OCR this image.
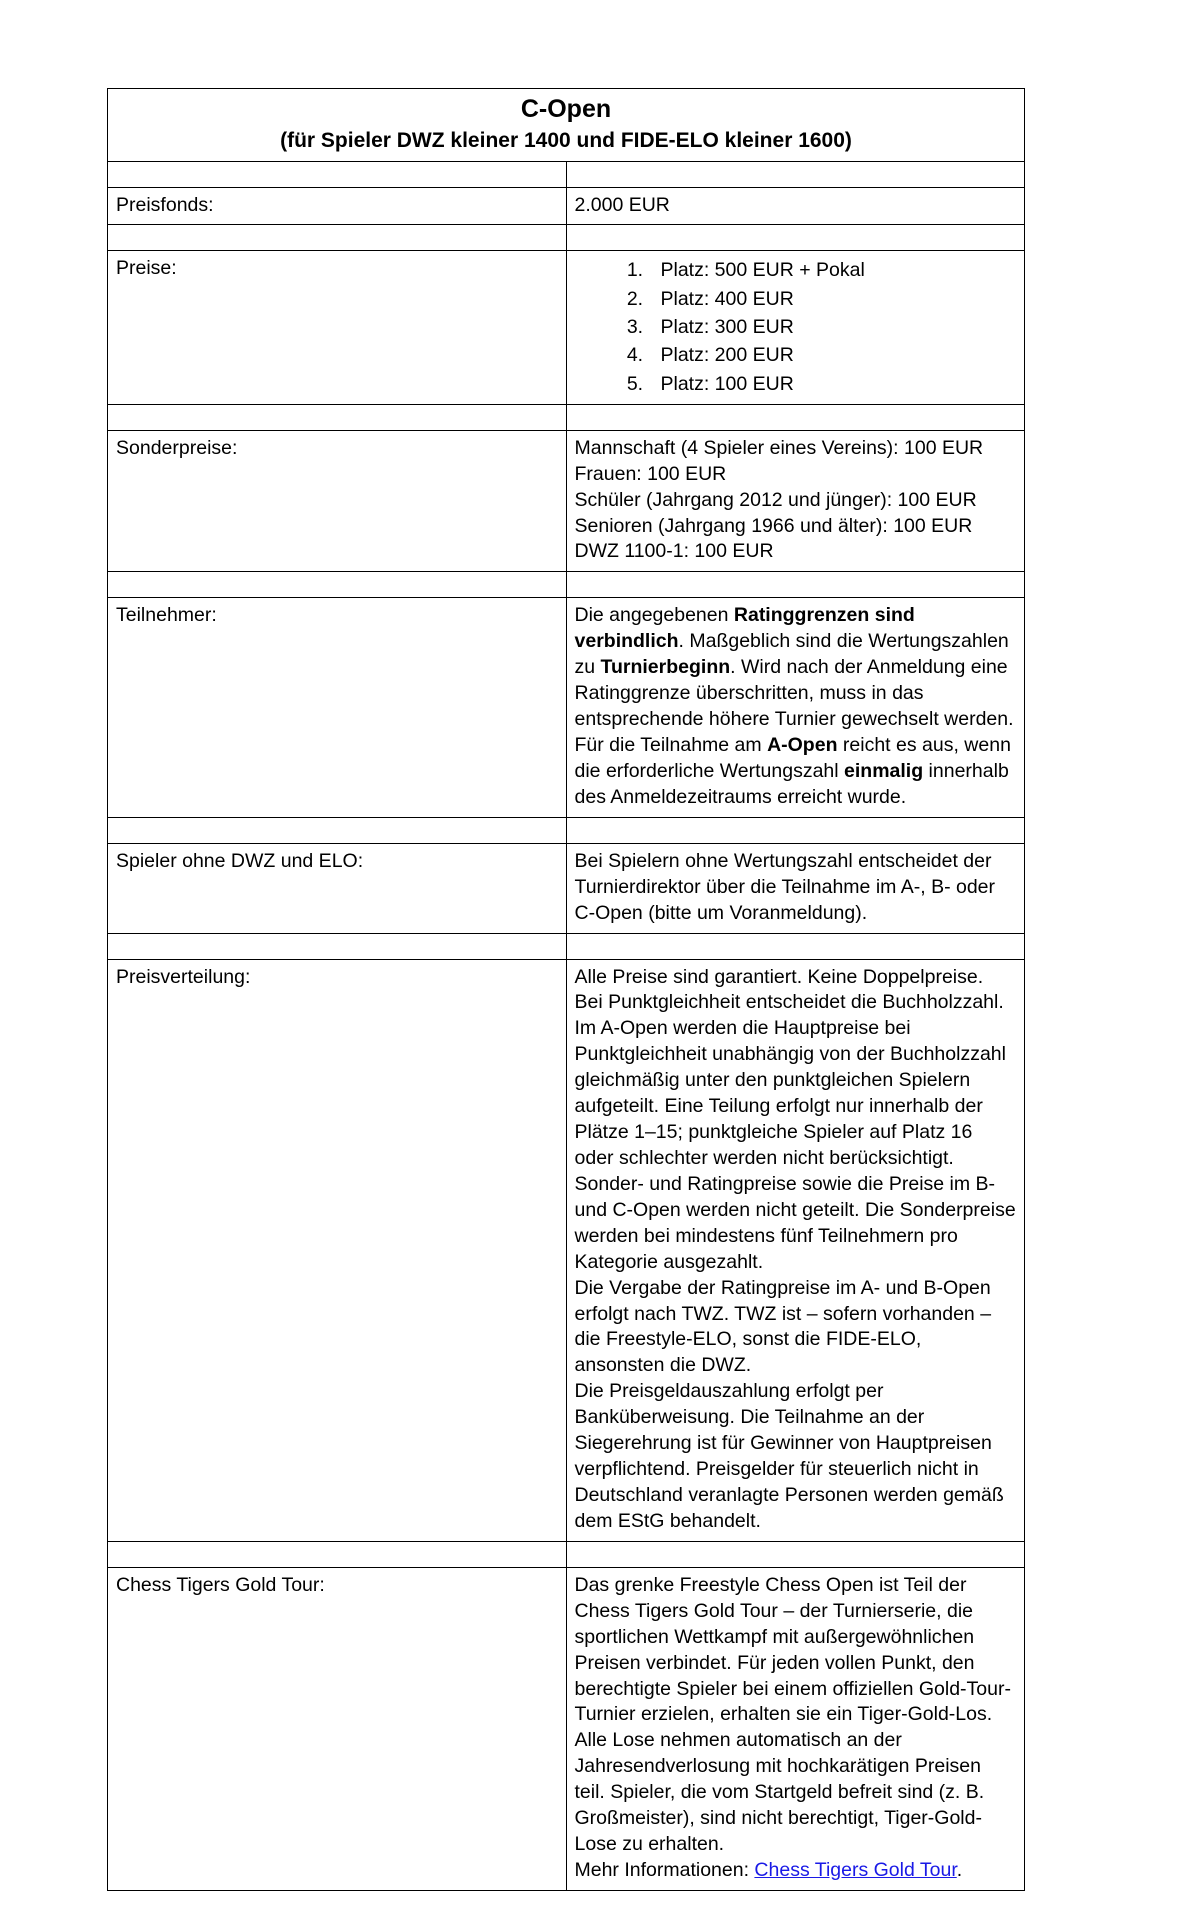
C-Open
(für Spieler DWZ kleiner 1400 und FIDE-ELO kleiner 1600)	

Preisfonds:	2.000 EUR

Preise:	
1.Platz: 500 EUR + Pokal
2. Platz: 400 EUR
3. Platz: 300 EUR
4. Platz: 200 EUR
5. Platz: 100 EUR

Sonderpreise:	Mannschaft (4 Spieler eines Vereins): 100 EUR
Frauen: 100 EUR
Schüler (Jahrgang 2012 und jünger): 100 EUR
Senioren (Jahrgang 1966 und älter): 100 EUR
DWZ 1100-1: 100 EUR

Teilnehmer:	Die angegebenen Ratinggrenzen sind verbindlich. Maßgeblich sind die Wertungszahlen zu Turnierbeginn. Wird nach der Anmeldung eine Ratinggrenze überschritten, muss in das entsprechende höhere Turnier gewechselt werden.
Für die Teilnahme am A-Open reicht es aus, wenn die erforderliche Wertungszahl einmalig innerhalb des Anmeldezeitraums erreicht wurde.

Spieler ohne DWZ und ELO:	Bei Spielern ohne Wertungszahl entscheidet der Turnierdirektor über die Teilnahme im A-, B- oder C-Open (bitte um Voranmeldung).

Preisverteilung:	Alle Preise sind garantiert. Keine Doppelpreise. Bei Punktgleichheit entscheidet die Buchholzzahl.
Im A-Open werden die Hauptpreise bei Punktgleichheit unabhängig von der Buchholzzahl gleichmäßig unter den punktgleichen Spielern aufgeteilt. Eine Teilung erfolgt nur innerhalb der Plätze 1–15; punktgleiche Spieler auf Platz 16 oder schlechter werden nicht berücksichtigt. Sonder- und Ratingpreise sowie die Preise im B- und C-Open werden nicht geteilt. Die Sonderpreise werden bei mindestens fünf Teilnehmern pro Kategorie ausgezahlt.
Die Vergabe der Ratingpreise im A- und B-Open erfolgt nach TWZ. TWZ ist – sofern vorhanden – die Freestyle-ELO, sonst die FIDE-ELO, ansonsten die DWZ.
Die Preisgeldauszahlung erfolgt per Banküberweisung. Die Teilnahme an der Siegerehrung ist für Gewinner von Hauptpreisen verpflichtend. Preisgelder für steuerlich nicht in Deutschland veranlagte Personen werden gemäß dem EStG behandelt.

Chess Tigers Gold Tour:	Das grenke Freestyle Chess Open ist Teil der Chess Tigers Gold Tour – der Turnierserie, die sportlichen Wettkampf mit außergewöhnlichen Preisen verbindet. Für jeden vollen Punkt, den berechtigte Spieler bei einem offiziellen Gold-Tour-Turnier erzielen, erhalten sie ein Tiger-Gold-Los. Alle Lose nehmen automatisch an der Jahresendverlosung mit hochkarätigen Preisen teil. Spieler, die vom Startgeld befreit sind (z. B. Großmeister), sind nicht berechtigt, Tiger-Gold-Lose zu erhalten.
Mehr Informationen: Chess Tigers Gold Tour.
